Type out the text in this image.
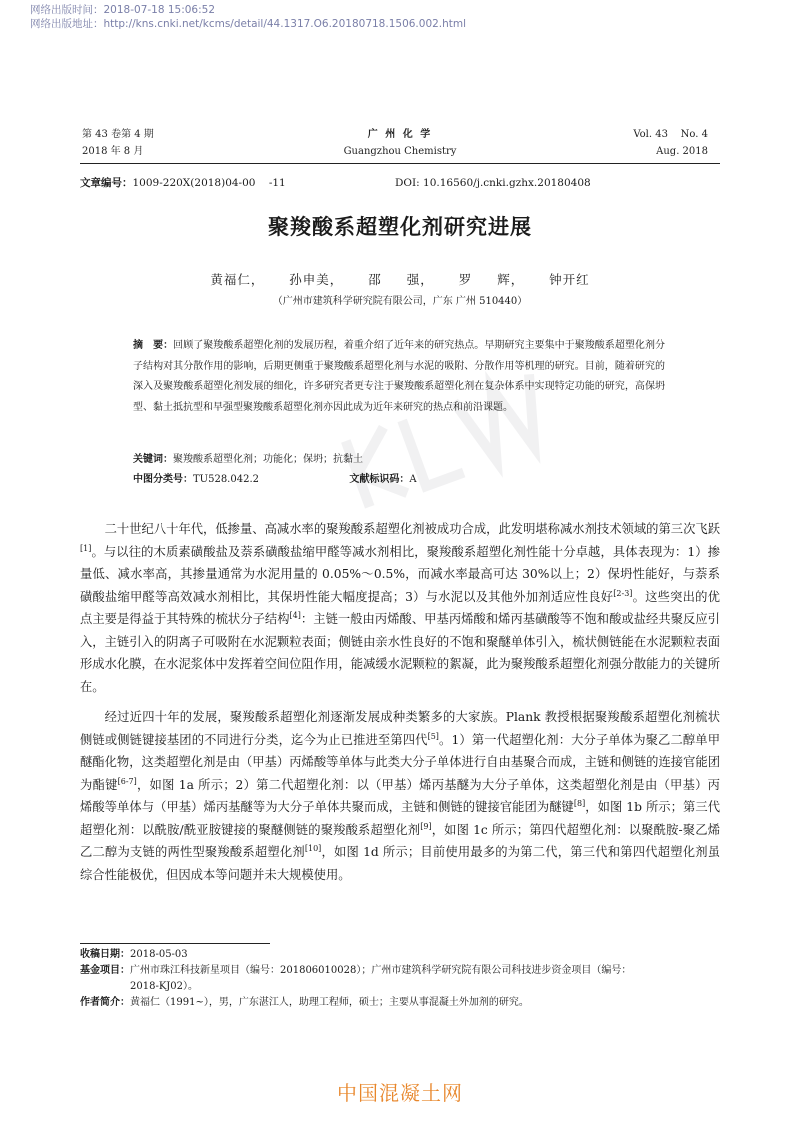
网络出版时间：2018-07-18 15:06:52
网络出版地址：http://kns.cnki.net/kcms/detail/44.1317.O6.20180718.1506.002.html
第 43 卷第 4 期
2018 年 8 月
广 州 化 学
Guangzhou Chemistry
Vol. 43    No. 4
Aug. 2018
文章编号：1009-220X(2018)04-00    -11	DOI: 10.16560/j.cnki.gzhx.20180408
聚羧酸系超塑化剂研究进展
黄福仁， 孙申美， 邵 强， 罗 辉， 钟开红
（广州市建筑科学研究院有限公司，广东 广州 510440）
摘　要：回顾了聚羧酸系超塑化剂的发展历程，着重介绍了近年来的研究热点。早期研究主要集中于聚羧酸系超塑化剂分子结构对其分散作用的影响，后期更侧重于聚羧酸系超塑化剂与水泥的吸附、分散作用等机理的研究。目前，随着研究的深入及聚羧酸系超塑化剂发展的细化，许多研究者更专注于聚羧酸系超塑化剂在复杂体系中实现特定功能的研究，高保坍型、黏土抵抗型和早强型聚羧酸系超塑化剂亦因此成为近年来研究的热点和前沿课题。
关键词：聚羧酸系超塑化剂；功能化；保坍；抗黏土
中图分类号：TU528.042.2	文献标识码：A

二十世纪八十年代，低掺量、高减水率的聚羧酸系超塑化剂被成功合成，此发明堪称减水剂技术领域的第三次飞跃[1]。与以往的木质素磺酸盐及萘系磺酸盐缩甲醛等减水剂相比，聚羧酸系超塑化剂性能十分卓越，具体表现为：1）掺量低、减水率高，其掺量通常为水泥用量的 0.05%～0.5%，而减水率最高可达 30%以上；2）保坍性能好，与萘系磺酸盐缩甲醛等高效减水剂相比，其保坍性能大幅度提高；3）与水泥以及其他外加剂适应性良好[2-3]。这些突出的优点主要是得益于其特殊的梳状分子结构[4]：主链一般由丙烯酸、甲基丙烯酸和烯丙基磺酸等不饱和酸或盐经共聚反应引入，主链引入的阴离子可吸附在水泥颗粒表面；侧链由亲水性良好的不饱和聚醚单体引入，梳状侧链能在水泥颗粒表面形成水化膜，在水泥浆体中发挥着空间位阻作用，能减缓水泥颗粒的絮凝，此为聚羧酸系超塑化剂强分散能力的关键所在。

经过近四十年的发展，聚羧酸系超塑化剂逐渐发展成种类繁多的大家族。Plank 教授根据聚羧酸系超塑化剂梳状侧链或侧链键接基团的不同进行分类，迄今为止已推进至第四代[5]。1）第一代超塑化剂：大分子单体为聚乙二醇单甲醚酯化物，这类超塑化剂是由（甲基）丙烯酸等单体与此类大分子单体进行自由基聚合而成，主链和侧链的连接官能团为酯键[6-7]，如图 1a 所示；2）第二代超塑化剂：以（甲基）烯丙基醚为大分子单体，这类超塑化剂是由（甲基）丙烯酸等单体与（甲基）烯丙基醚等为大分子单体共聚而成，主链和侧链的键接官能团为醚键[8]，如图 1b 所示；第三代超塑化剂：以酰胺/酰亚胺键接的聚醚侧链的聚羧酸系超塑化剂[9]，如图 1c 所示；第四代超塑化剂：以聚酰胺-聚乙烯乙二醇为支链的两性型聚羧酸系超塑化剂[10]，如图 1d 所示；目前使用最多的为第二代，第三代和第四代超塑化剂虽综合性能极优，但因成本等问题并未大规模使用。

收稿日期：2018-05-03
基金项目：广州市珠江科技新星项目（编号：201806010028）；广州市建筑科学研究院有限公司科技进步资金项目（编号：
2018-KJ02）。
作者简介：黄福仁（1991~），男，广东湛江人，助理工程师，硕士；主要从事混凝土外加剂的研究。
中国混凝土网
